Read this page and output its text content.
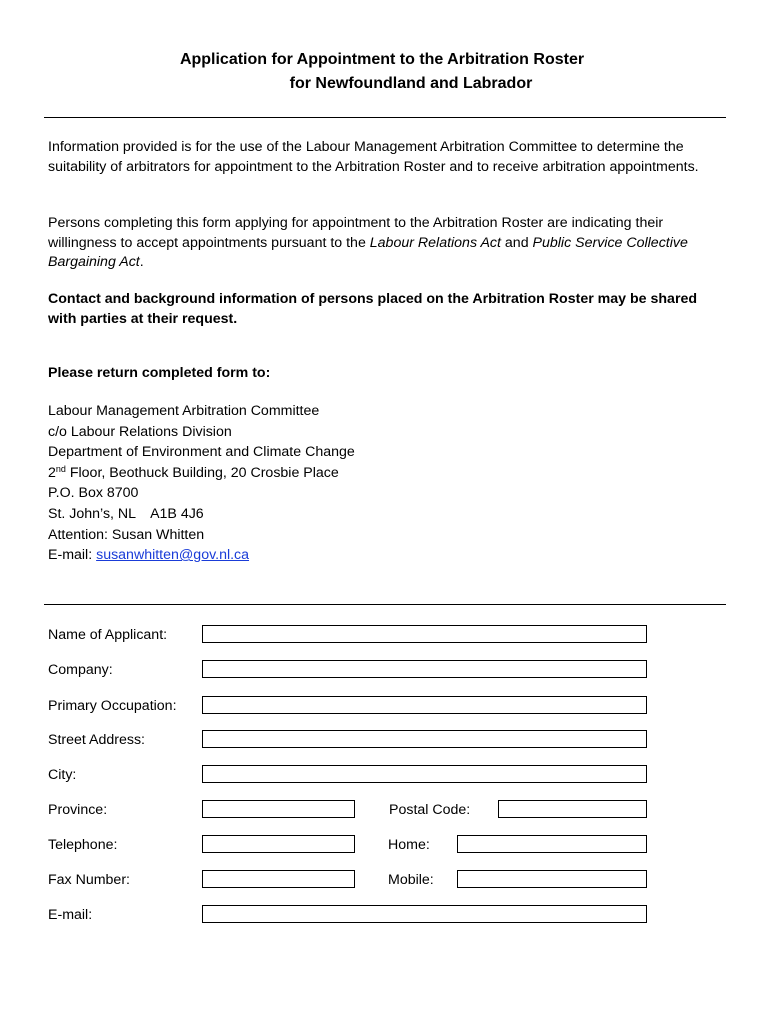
Application for Appointment to the Arbitration Roster
for Newfoundland and Labrador

Information provided is for the use of the Labour Management Arbitration Committee to determine the suitability of arbitrators for appointment to the Arbitration Roster and to receive arbitration appointments.

Persons completing this form applying for appointment to the Arbitration Roster are indicating their willingness to accept appointments pursuant to the Labour Relations Act and Public Service Collective Bargaining Act.

Contact and background information of persons placed on the Arbitration Roster may be shared with parties at their request.

Please return completed form to:
Labour Management Arbitration Committee
c/o Labour Relations Division
Department of Environment and Climate Change
2nd Floor, Beothuck Building, 20 Crosbie Place
P.O. Box 8700
St. John’s, NL A1B 4J6
Attention: Susan Whitten
E-mail: susanwhitten@gov.nl.ca
Name of Applicant:
Company:
Primary Occupation:
Street Address:
City:
Province:	Postal Code:
Telephone:	Home:
Fax Number:	Mobile:
E-mail:
